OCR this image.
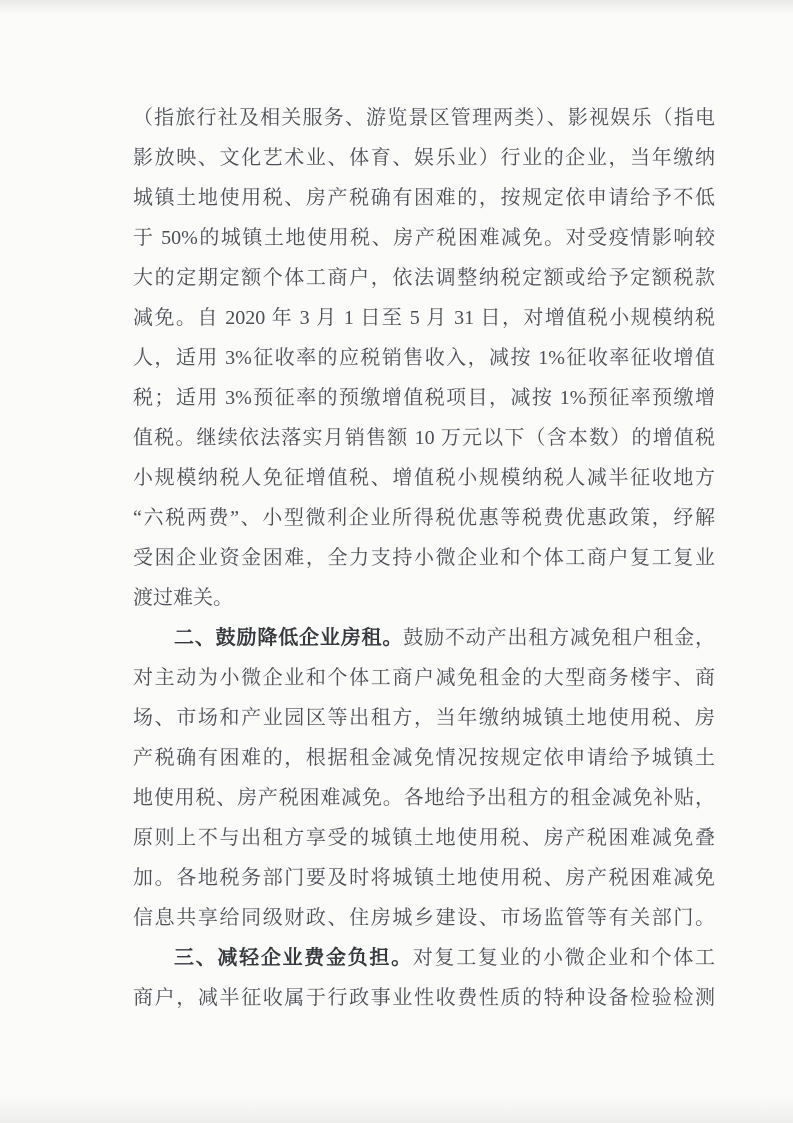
（指旅行社及相关服务、游览景区管理两类）、影视娱乐（指电
影放映、文化艺术业、体育、娱乐业）行业的企业，当年缴纳
城镇土地使用税、房产税确有困难的，按规定依申请给予不低
于 50%的城镇土地使用税、房产税困难减免。对受疫情影响较
大的定期定额个体工商户，依法调整纳税定额或给予定额税款
减免。自 2020 年 3 月 1 日至 5 月 31 日，对增值税小规模纳税
人，适用 3%征收率的应税销售收入，减按 1%征收率征收增值
税；适用 3%预征率的预缴增值税项目，减按 1%预征率预缴增
值税。继续依法落实月销售额 10 万元以下（含本数）的增值税
小规模纳税人免征增值税、增值税小规模纳税人减半征收地方
“六税两费”、小型微利企业所得税优惠等税费优惠政策，纾解
受困企业资金困难，全力支持小微企业和个体工商户复工复业
渡过难关。
二、鼓励降低企业房租。鼓励不动产出租方减免租户租金，
对主动为小微企业和个体工商户减免租金的大型商务楼宇、商
场、市场和产业园区等出租方，当年缴纳城镇土地使用税、房
产税确有困难的，根据租金减免情况按规定依申请给予城镇土
地使用税、房产税困难减免。各地给予出租方的租金减免补贴，
原则上不与出租方享受的城镇土地使用税、房产税困难减免叠
加。各地税务部门要及时将城镇土地使用税、房产税困难减免
信息共享给同级财政、住房城乡建设、市场监管等有关部门。
三、减轻企业费金负担。对复工复业的小微企业和个体工
商户，减半征收属于行政事业性收费性质的特种设备检验检测
